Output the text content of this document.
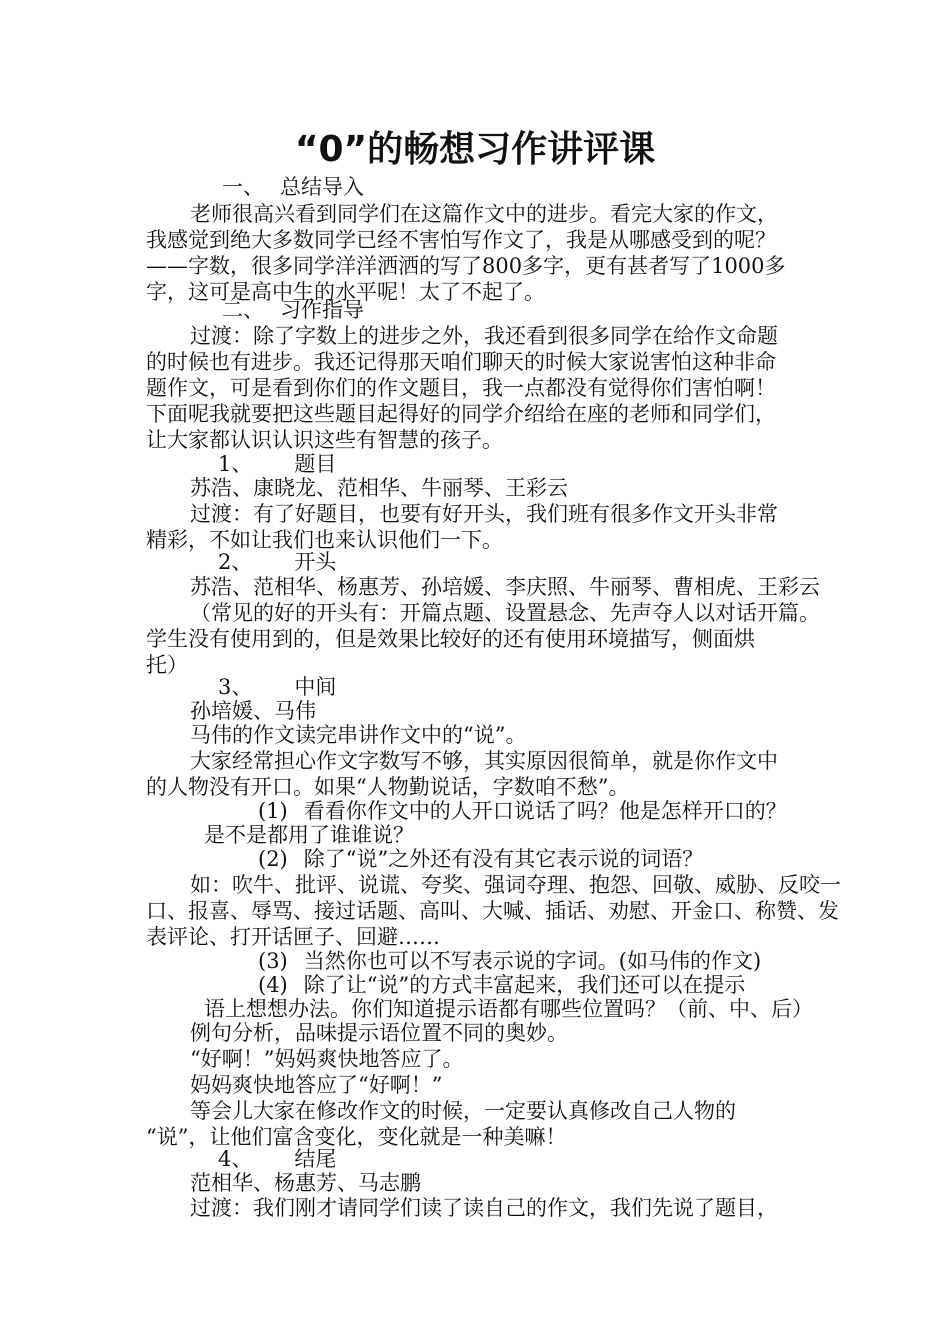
“0”的畅想习作讲评课
一、 总结导入
老师很高兴看到同学们在这篇作文中的进步。看完大家的作文，
我感觉到绝大多数同学已经不害怕写作文了，我是从哪感受到的呢？
——字数，很多同学洋洋洒洒的写了800多字，更有甚者写了1000多
字，这可是高中生的水平呢！太了不起了。
二、 习作指导
过渡：除了字数上的进步之外，我还看到很多同学在给作文命题
的时候也有进步。我还记得那天咱们聊天的时候大家说害怕这种非命
题作文，可是看到你们的作文题目，我一点都没有觉得你们害怕啊！
下面呢我就要把这些题目起得好的同学介绍给在座的老师和同学们，
让大家都认识认识这些有智慧的孩子。
1、 题目
苏浩、康晓龙、范相华、牛丽琴、王彩云
过渡：有了好题目，也要有好开头，我们班有很多作文开头非常
精彩，不如让我们也来认识他们一下。
2、 开头
苏浩、范相华、杨惠芳、孙培媛、李庆照、牛丽琴、曹相虎、王彩云
（常见的好的开头有：开篇点题、设置悬念、先声夺人以对话开篇。
学生没有使用到的，但是效果比较好的还有使用环境描写，侧面烘
托）
3、 中间
孙培媛、马伟
马伟的作文读完串讲作文中的“说”。
大家经常担心作文字数写不够，其实原因很简单，就是你作文中
的人物没有开口。如果“人物勤说话，字数咱不愁”。
(1) 看看你作文中的人开口说话了吗？他是怎样开口的？
是不是都用了谁谁说？
(2) 除了“说”之外还有没有其它表示说的词语？
如：吹牛、批评、说谎、夸奖、强词夺理、抱怨、回敬、威胁、反咬一
口、报喜、辱骂、接过话题、高叫、大喊、插话、劝慰、开金口、称赞、发
表评论、打开话匣子、回避……
(3) 当然你也可以不写表示说的字词。(如马伟的作文)
(4) 除了让“说”的方式丰富起来，我们还可以在提示
语上想想办法。你们知道提示语都有哪些位置吗？（前、中、后）
例句分析，品味提示语位置不同的奥妙。
“好啊！”妈妈爽快地答应了。
妈妈爽快地答应了“好啊！”
等会儿大家在修改作文的时候，一定要认真修改自己人物的
“说”，让他们富含变化，变化就是一种美嘛！
4、 结尾
范相华、杨惠芳、马志鹏
过渡：我们刚才请同学们读了读自己的作文，我们先说了题目，
